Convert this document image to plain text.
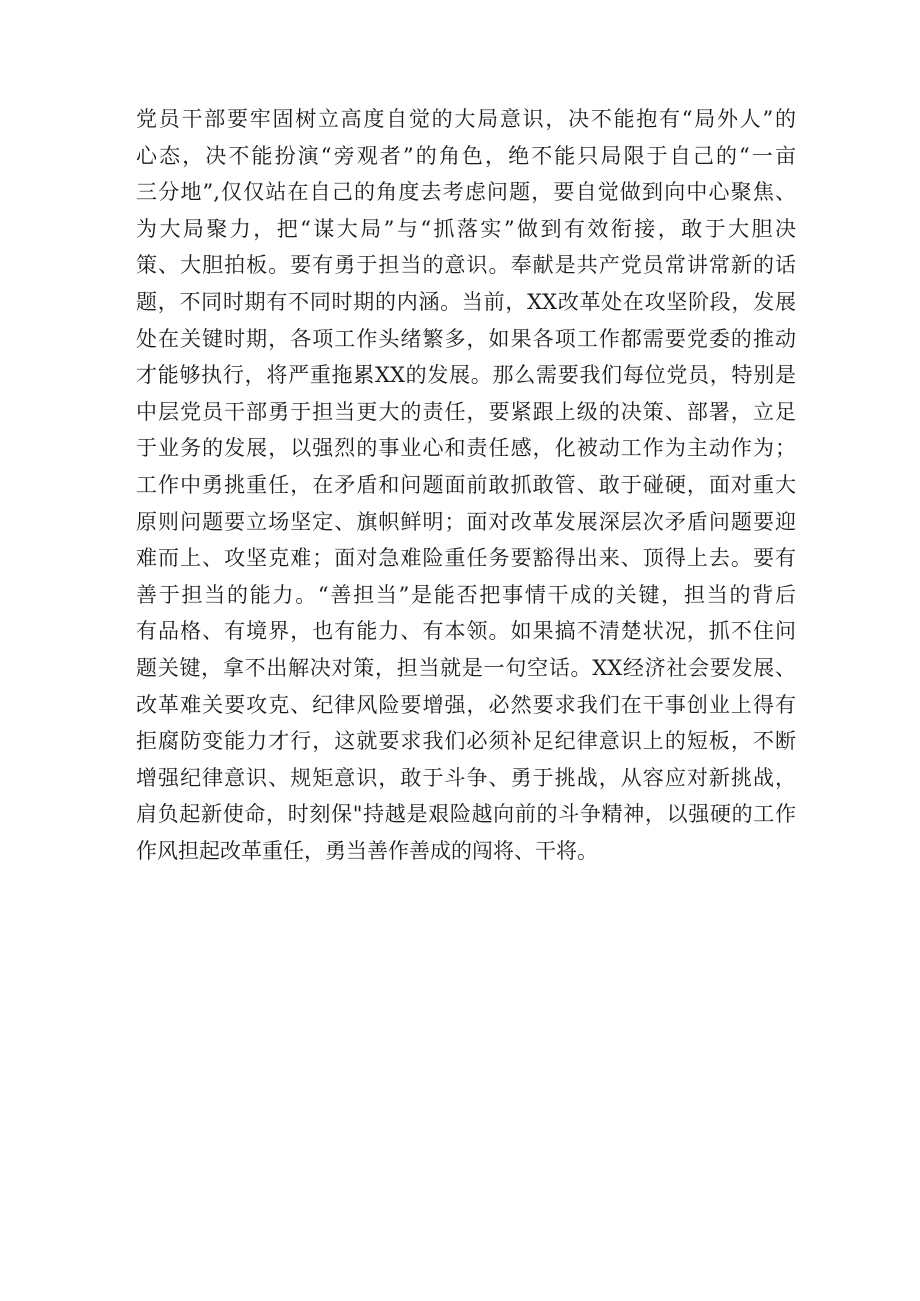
党员干部要牢固树立高度自觉的大局意识，决不能抱有“局外人”的
心态，决不能扮演“旁观者”的角色，绝不能只局限于自己的“一亩
三分地”,仅仅站在自己的角度去考虑问题，要自觉做到向中心聚焦、
为大局聚力，把“谋大局”与“抓落实”做到有效衔接，敢于大胆决
策、大胆拍板。要有勇于担当的意识。奉献是共产党员常讲常新的话
题，不同时期有不同时期的内涵。当前，XX改革处在攻坚阶段，发展
处在关键时期，各项工作头绪繁多，如果各项工作都需要党委的推动
才能够执行，将严重拖累XX的发展。那么需要我们每位党员，特别是
中层党员干部勇于担当更大的责任，要紧跟上级的决策、部署，立足
于业务的发展，以强烈的事业心和责任感，化被动工作为主动作为；
工作中勇挑重任，在矛盾和问题面前敢抓敢管、敢于碰硬，面对重大
原则问题要立场坚定、旗帜鲜明；面对改革发展深层次矛盾问题要迎
难而上、攻坚克难；面对急难险重任务要豁得出来、顶得上去。要有
善于担当的能力。“善担当”是能否把事情干成的关键，担当的背后
有品格、有境界，也有能力、有本领。如果搞不清楚状况，抓不住问
题关键，拿不出解决对策，担当就是一句空话。XX经济社会要发展、
改革难关要攻克、纪律风险要增强，必然要求我们在干事创业上得有
拒腐防变能力才行，这就要求我们必须补足纪律意识上的短板，不断
增强纪律意识、规矩意识，敢于斗争、勇于挑战，从容应对新挑战，
肩负起新使命，时刻保"持越是艰险越向前的斗争精神，以强硬的工作
作风担起改革重任，勇当善作善成的闯将、干将。
